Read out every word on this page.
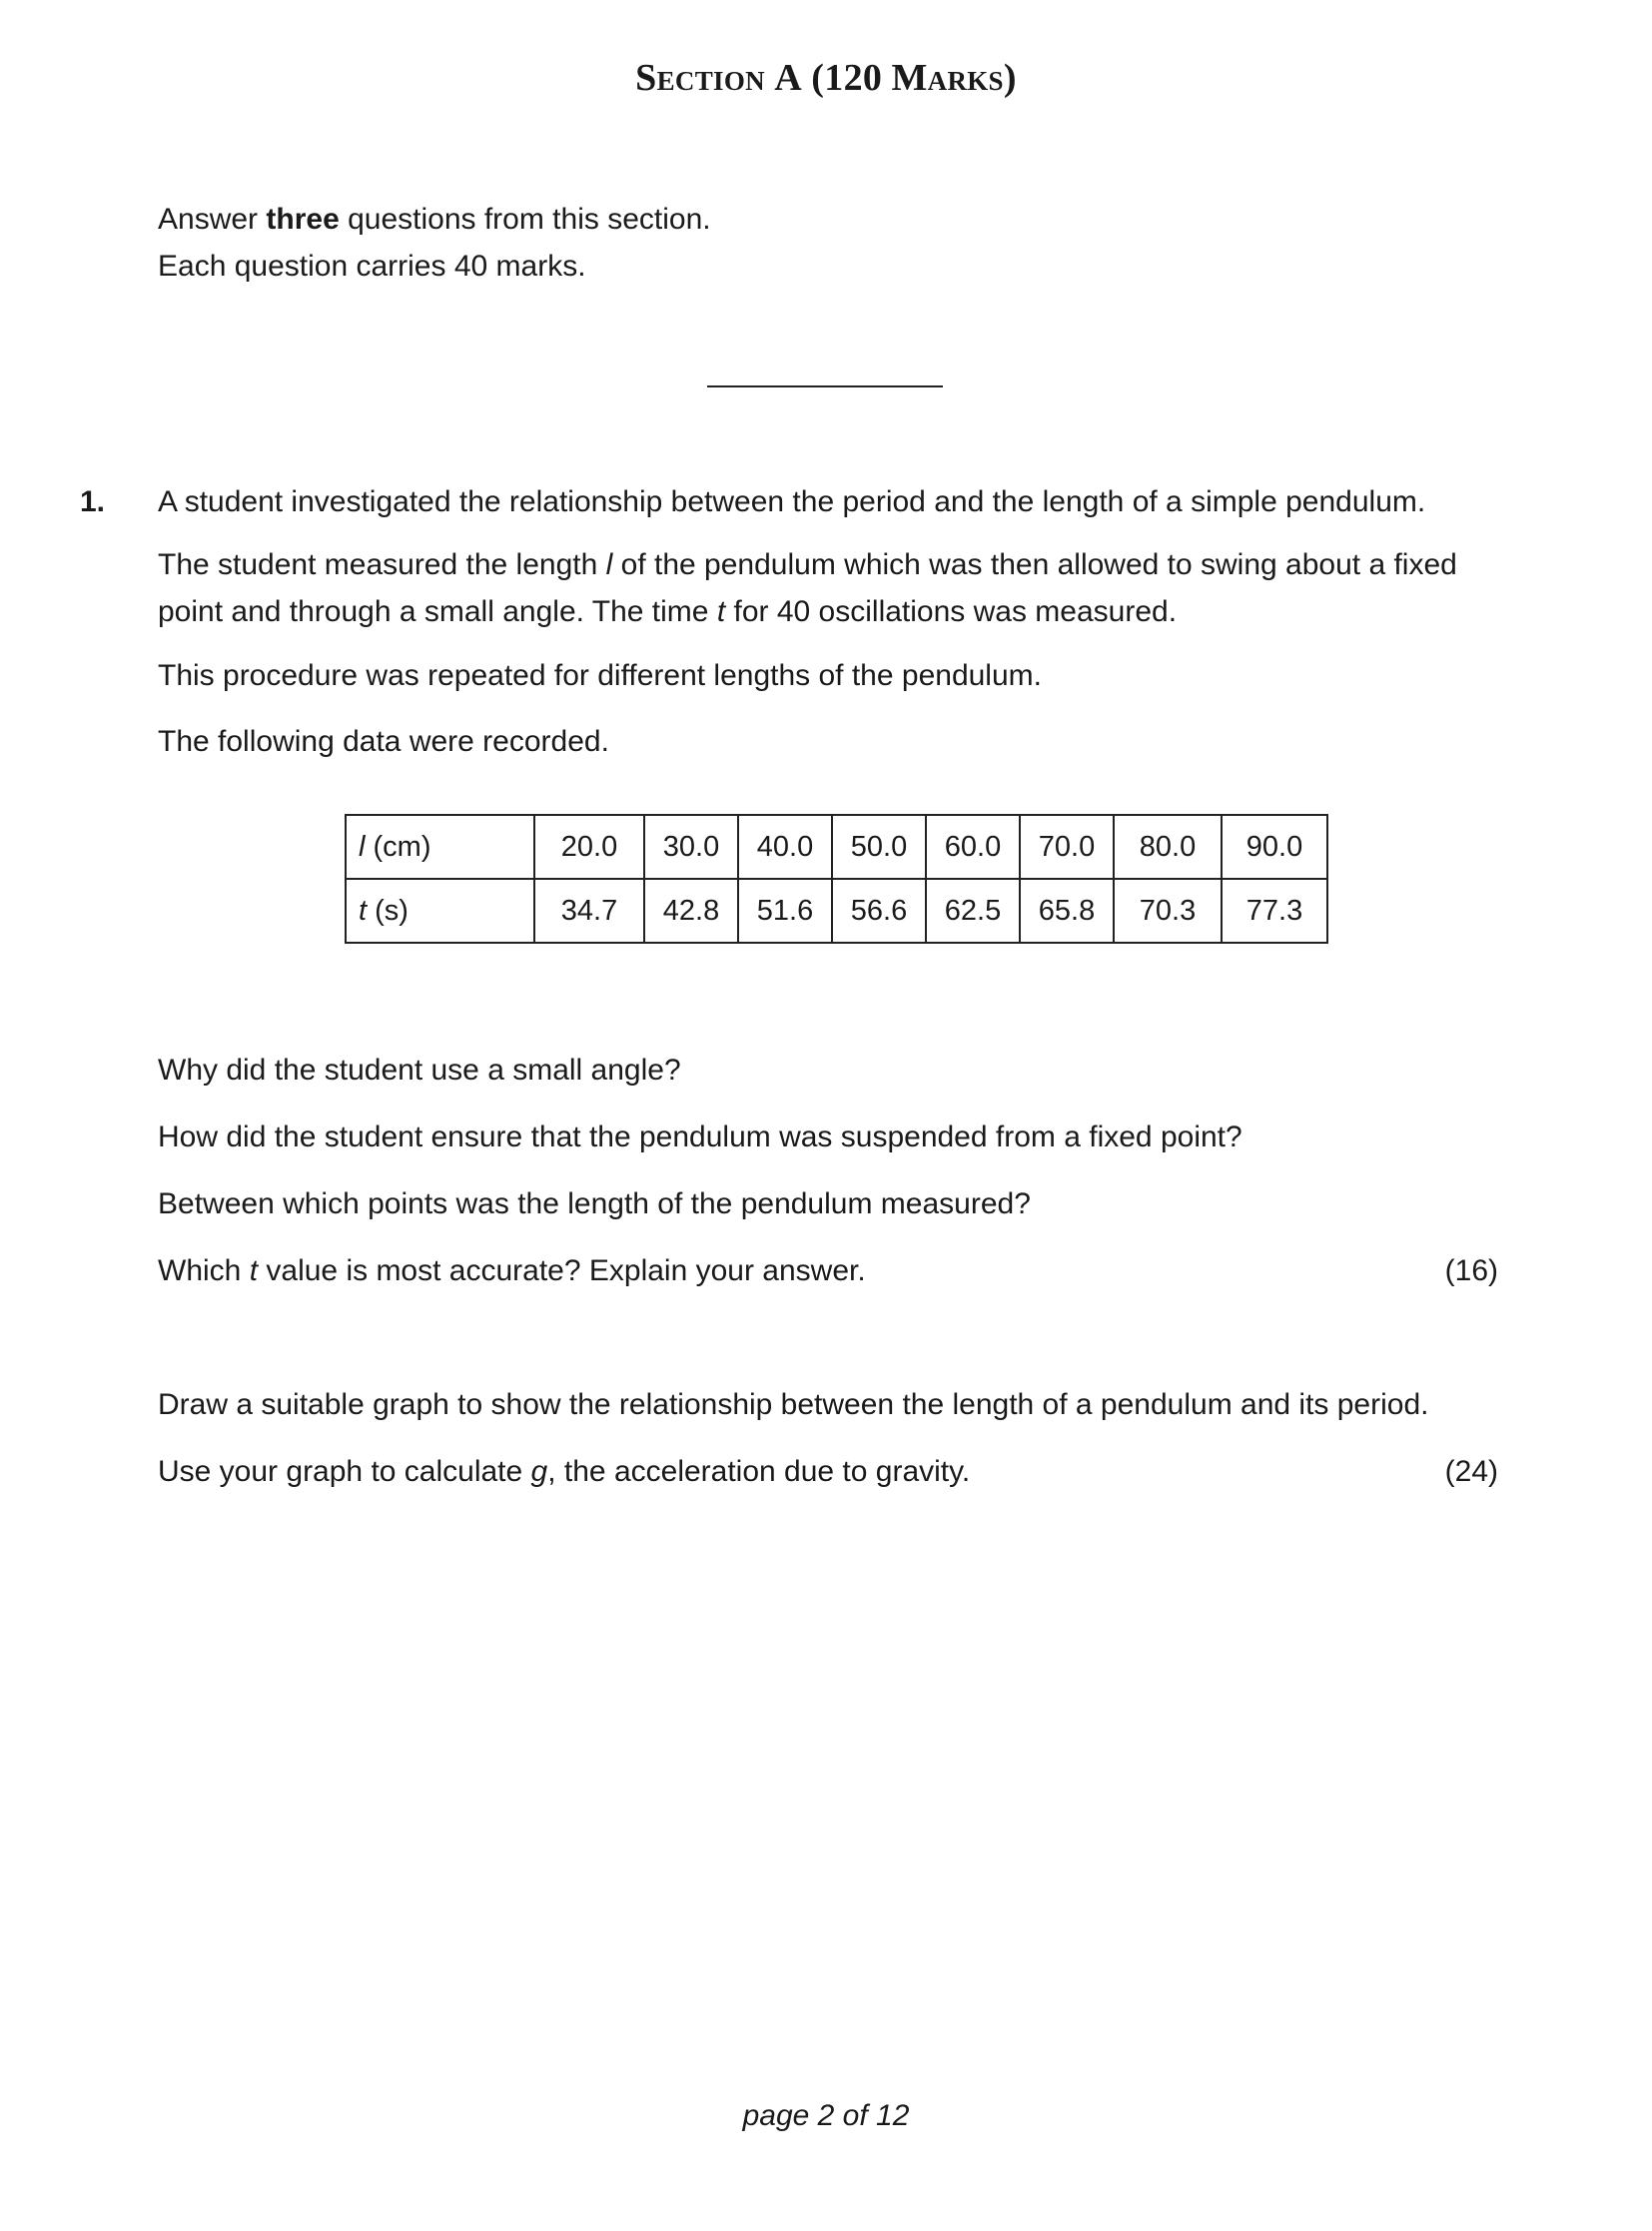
SECTION A (120 MARKS)
Answer three questions from this section.
Each question carries 40 marks.
1. A student investigated the relationship between the period and the length of a simple pendulum.
The student measured the length l of the pendulum which was then allowed to swing about a fixed
point and through a small angle. The time t for 40 oscillations was measured.
This procedure was repeated for different lengths of the pendulum.
The following data were recorded.
l (cm)	20.0	30.0	40.0	50.0	60.0	70.0	80.0	90.0
t (s)	34.7	42.8	51.6	56.6	62.5	65.8	70.3	77.3
Why did the student use a small angle?
How did the student ensure that the pendulum was suspended from a fixed point?
Between which points was the length of the pendulum measured?
Which t value is most accurate? Explain your answer.	(16)
Draw a suitable graph to show the relationship between the length of a pendulum and its period.
Use your graph to calculate g, the acceleration due to gravity.	(24)
page 2 of 12
